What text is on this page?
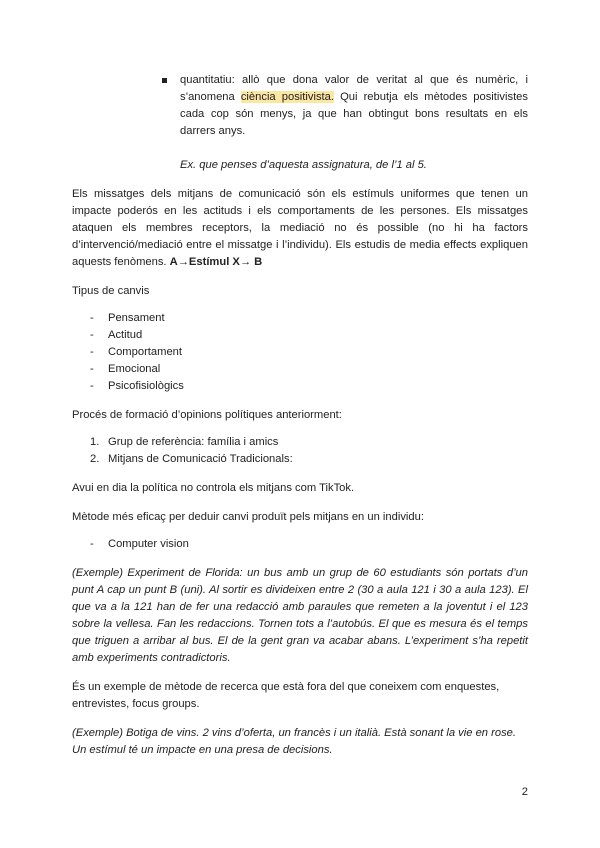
quantitatiu: allò que dona valor de veritat al que és numèric, i s’anomena ciència positivista. Qui rebutja els mètodes positivistes cada cop són menys, ja que han obtingut bons resultats en els darrers anys.

Ex. que penses d’aquesta assignatura, de l’1 al 5.

Els missatges dels mitjans de comunicació són els estímuls uniformes que tenen un impacte poderós en les actituds i els comportaments de les persones. Els missatges ataquen els membres receptors, la mediació no és possible (no hi ha factors d’intervenció/mediació entre el missatge i l’individu). Els estudis de media effects expliquen aquests fenòmens. A→Estímul X→ B

Tipus de canvis

- Pensament
- Actitud
- Comportament
- Emocional
- Psicofisiològics

Procés de formació d’opinions polítiques anteriorment:

1. Grup de referència: família i amics
2. Mitjans de Comunicació Tradicionals:

Avui en dia la política no controla els mitjans com TikTok.

Mètode més eficaç per deduir canvi produït pels mitjans en un individu:

- Computer vision

(Exemple) Experiment de Florida: un bus amb un grup de 60 estudiants són portats d’un punt A cap un punt B (uni). Al sortir es divideixen entre 2 (30 a aula 121 i 30 a aula 123). El que va a la 121 han de fer una redacció amb paraules que remeten a la joventut i el 123 sobre la vellesa. Fan les redaccions. Tornen tots a l’autobús. El que es mesura és el temps que triguen a arribar al bus. El de la gent gran va acabar abans. L’experiment s’ha repetit amb experiments contradictoris.

És un exemple de mètode de recerca que està fora del que coneixem com enquestes, entrevistes, focus groups.

(Exemple) Botiga de vins. 2 vins d’oferta, un francès i un italià. Està sonant la vie en rose. Un estímul té un impacte en una presa de decisions.

2
